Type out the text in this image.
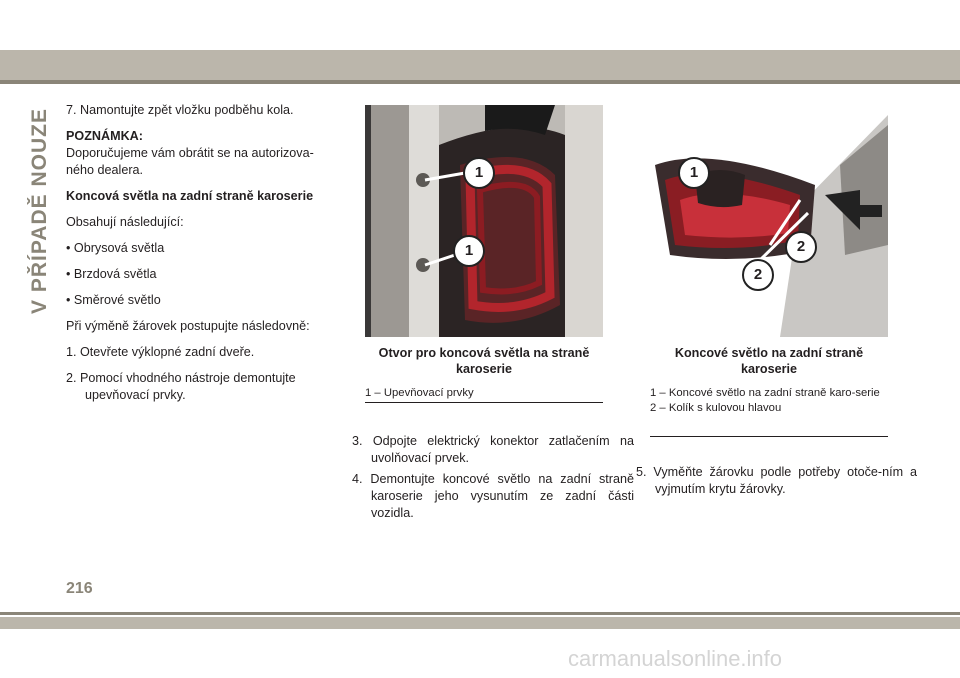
V PŘÍPADĚ NOUZE	7. Namontujte zpět vložku podběhu kola.

POZNÁMKA:

Doporučujeme vám obrátit se na autorizova-ného dealera.

Koncová světla na zadní straně karoserie

Obsahují následující:

• Obrysová světla

• Brzdová světla

• Směrové světlo

Při výměně žárovek postupujte následovně:

1. Otevřete výklopné zadní dveře.

2. Pomocí vhodného nástroje demontujte upevňovací prvky.

1
1
Otvor pro koncová světla na straně karoserie
1 – Upevňovací prvky
1
2
2
Koncové světlo na zadní straně karoserie
1 – Koncové světlo na zadní straně karo-serie
2 – Kolík s kulovou hlavou

3. Odpojte elektrický konektor zatlačením na uvolňovací prvek.

4. Demontujte koncové světlo na zadní straně karoserie jeho vysunutím ze zadní části vozidla.

5. Vyměňte žárovku podle potřeby otoče-ním a vyjmutím krytu žárovky.

216
carmanualsonline.info
